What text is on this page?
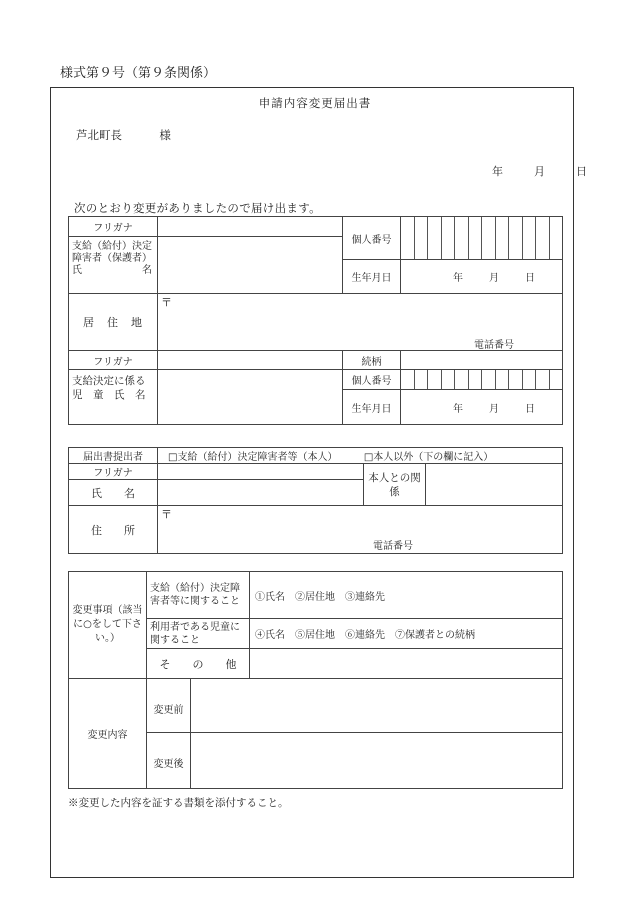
様式第９号（第９条関係）
申請内容変更届出書
芦北町長	様
年	月	日
次のとおり変更がありましたので届け出ます。
フリガナ		個人番号	

支給（給付）決定障害者（保護者）
氏 名			

		生年月日	年 月 日
居　住　地	〒
電話番号		

フリガナ		続柄	
支給決定に係る児　童　氏　名		個人番号	

		生年月日	年 月 日
届出書提出者	□支給（給付）決定障害者等（本人） □本人以外（下の欄に記入）		
フリガナ		本人との関係	
氏　　名			
住　　所	〒
電話番号		
変更事項（該当に○をして下さい。）	支給（給付）決定障害者等に関すること		①氏名　②居住地　③連絡先
	利用者である児童に関すること		④氏名　⑤居住地　⑥連絡先　⑦保護者との続柄
	そ　　の　　他		
変更内容	変更前		
	変更後		
※変更した内容を証する書類を添付すること。
